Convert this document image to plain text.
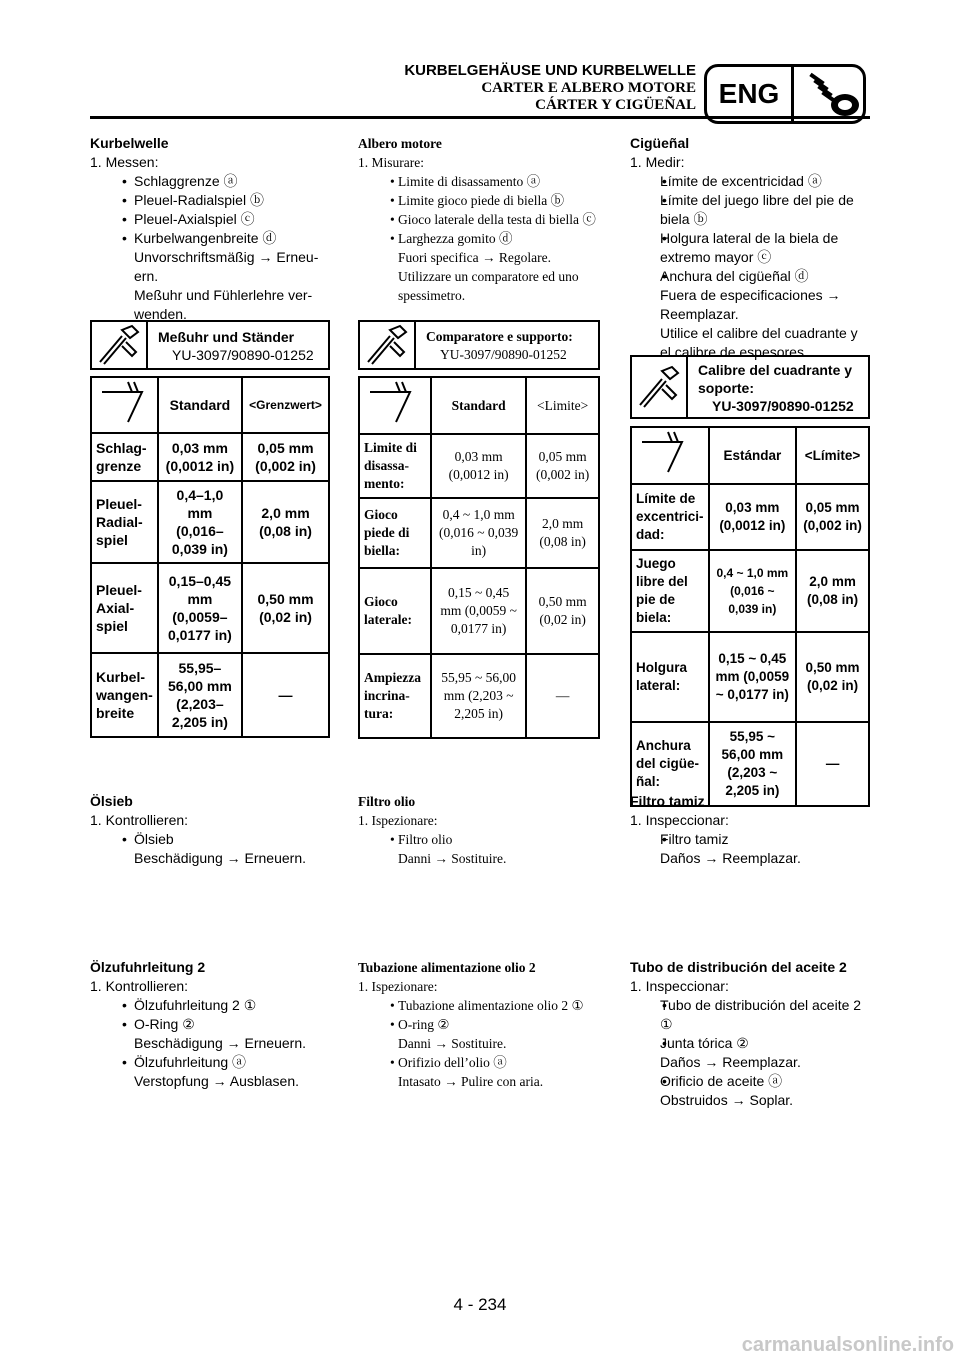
KURBELGEHÄUSE UND KURBELWELLE
CARTER E ALBERO MOTORE
CÁRTER Y CIGÜEÑAL ENG
Kurbelwelle
1. Messen:
• Schlaggrenze ⓐ
• Pleuel-Radialspiel ⓑ
• Pleuel-Axialspiel ⓒ
• Kurbelwangenbreite ⓓ
Unvorschriftsmäßig → Erneu-ern.
Meßuhr und Fühlerlehre ver-wenden.
Meßuhr und Ständer
YU-3097/90890-01252
	Standard	<Grenzwert>
Schlag-grenze	0,03 mm (0,0012 in)	0,05 mm (0,002 in)
Pleuel-Radial-spiel	0,4–1,0 mm (0,016–0,039 in)	2,0 mm (0,08 in)
Pleuel-Axial-spiel	0,15–0,45 mm (0,0059–0,0177 in)	0,50 mm (0,02 in)
Kurbel-wangen-breite	55,95–56,00 mm (2,203–2,205 in)	—
Ölsieb
1. Kontrollieren:
• Ölsieb
Beschädigung → Erneuern.
Ölzufuhrleitung 2
1. Kontrollieren:
• Ölzufuhrleitung 2 ①
• O-Ring ②
Beschädigung → Erneuern.
• Ölzufuhrleitung ⓐ
Verstopfung → Ausblasen.
Albero motore
1. Misurare:
• Limite di disassamento ⓐ
• Limite gioco piede di biella ⓑ
• Gioco laterale della testa di biella ⓒ
• Larghezza gomito ⓓ
Fuori specifica → Regolare.
Utilizzare un comparatore ed uno spessimetro.
Comparatore e supporto:
YU-3097/90890-01252
	Standard	<Limite>
Limite di disassa-mento:	0,03 mm (0,0012 in)	0,05 mm (0,002 in)
Gioco piede di biella:	0,4 ~ 1,0 mm (0,016 ~ 0,039 in)	2,0 mm (0,08 in)
Gioco laterale:	0,15 ~ 0,45 mm (0,0059 ~ 0,0177 in)	0,50 mm (0,02 in)
Ampiezza incrina-tura:	55,95 ~ 56,00 mm (2,203 ~ 2,205 in)	—
Filtro olio
1. Ispezionare:
• Filtro olio
Danni → Sostituire.
Tubazione alimentazione olio 2
1. Ispezionare:
• Tubazione alimentazione olio 2 ①
• O-ring ②
Danni → Sostituire.
• Orifizio dell’olio ⓐ
Intasato → Pulire con aria.
Cigüeñal
1. Medir:
• Límite de excentricidad ⓐ
• Límite del juego libre del pie de biela ⓑ
• Holgura lateral de la biela de extremo mayor ⓒ
• Anchura del cigüeñal ⓓ
Fuera de especificaciones → Reemplazar.
Utilice el calibre del cuadrante y el calibre de espesores.
Calibre del cuadrante y soporte:
YU-3097/90890-01252
	Estándar	<Límite>
Límite de excentrici-dad:	0,03 mm (0,0012 in)	0,05 mm (0,002 in)
Juego libre del pie de biela:	0,4 ~ 1,0 mm (0,016 ~ 0,039 in)	2,0 mm (0,08 in)
Holgura lateral:	0,15 ~ 0,45 mm (0,0059 ~ 0,0177 in)	0,50 mm (0,02 in)
Anchura del cigüe-ñal:	55,95 ~ 56,00 mm (2,203 ~ 2,205 in)	—
Filtro tamiz
1. Inspeccionar:
• Filtro tamiz
Daños → Reemplazar.
Tubo de distribución del aceite 2
1. Inspeccionar:
• Tubo de distribución del aceite 2 ①
• Junta tórica ②
Daños → Reemplazar.
• Orificio de aceite ⓐ
Obstruidos → Soplar.
4 - 234
carmanualsonline.info
